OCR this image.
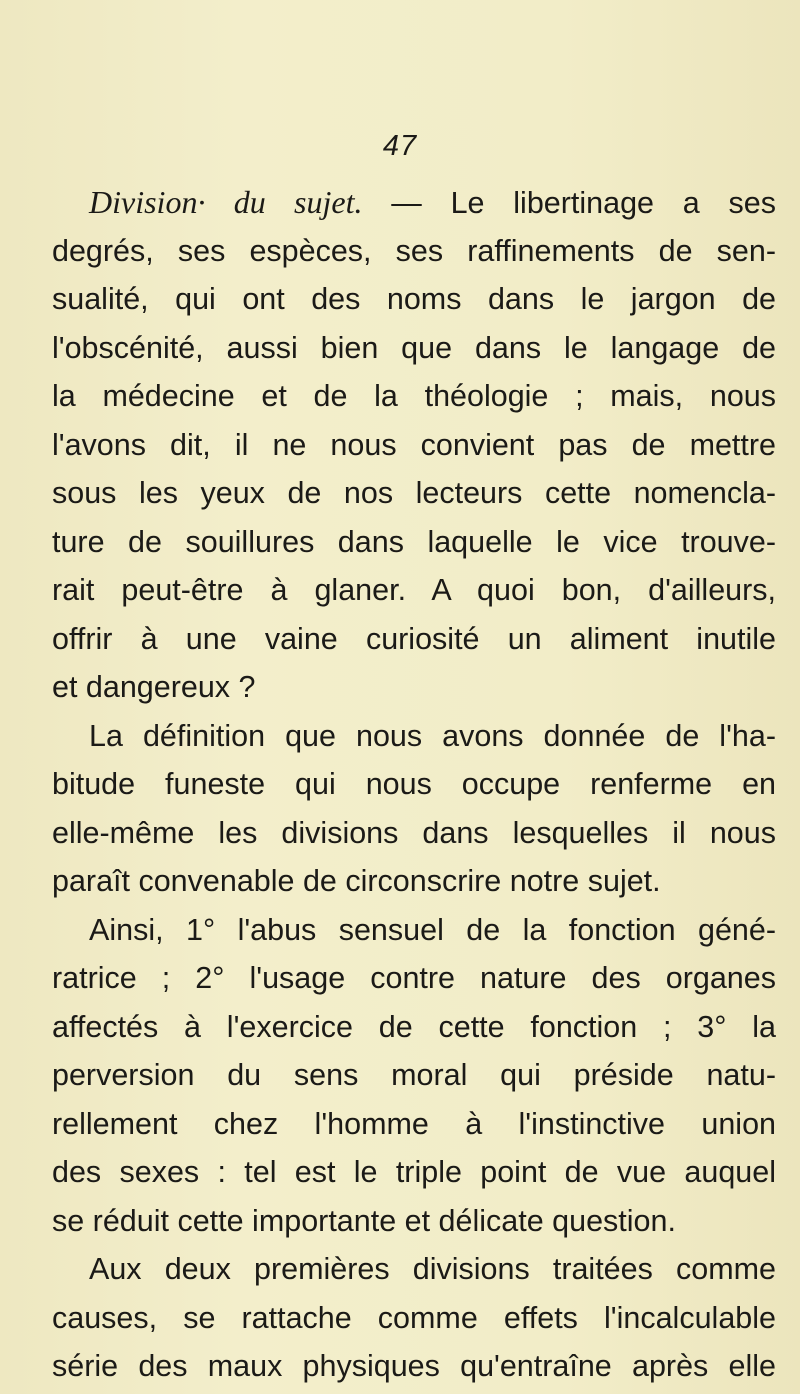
47
Division· du sujet. — Le libertinage a ses
degrés, ses espèces, ses raffinements de sen-
sualité, qui ont des noms dans le jargon de
l'obscénité, aussi bien que dans le langage de
la médecine et de la théologie ; mais, nous
l'avons dit, il ne nous convient pas de mettre
sous les yeux de nos lecteurs cette nomencla-
ture de souillures dans laquelle le vice trouve-
rait peut-être à glaner. A quoi bon, d'ailleurs,
offrir à une vaine curiosité un aliment inutile
et dangereux ?
La définition que nous avons donnée de l'ha-
bitude funeste qui nous occupe renferme en
elle-même les divisions dans lesquelles il nous
paraît convenable de circonscrire notre sujet.
Ainsi, 1° l'abus sensuel de la fonction géné-
ratrice ; 2° l'usage contre nature des organes
affectés à l'exercice de cette fonction ; 3° la
perversion du sens moral qui préside natu-
rellement chez l'homme à l'instinctive union
des sexes : tel est le triple point de vue auquel
se réduit cette importante et délicate question.
Aux deux premières divisions traitées comme
causes, se rattache comme effets l'incalculable
série des maux physiques qu'entraîne après elle
